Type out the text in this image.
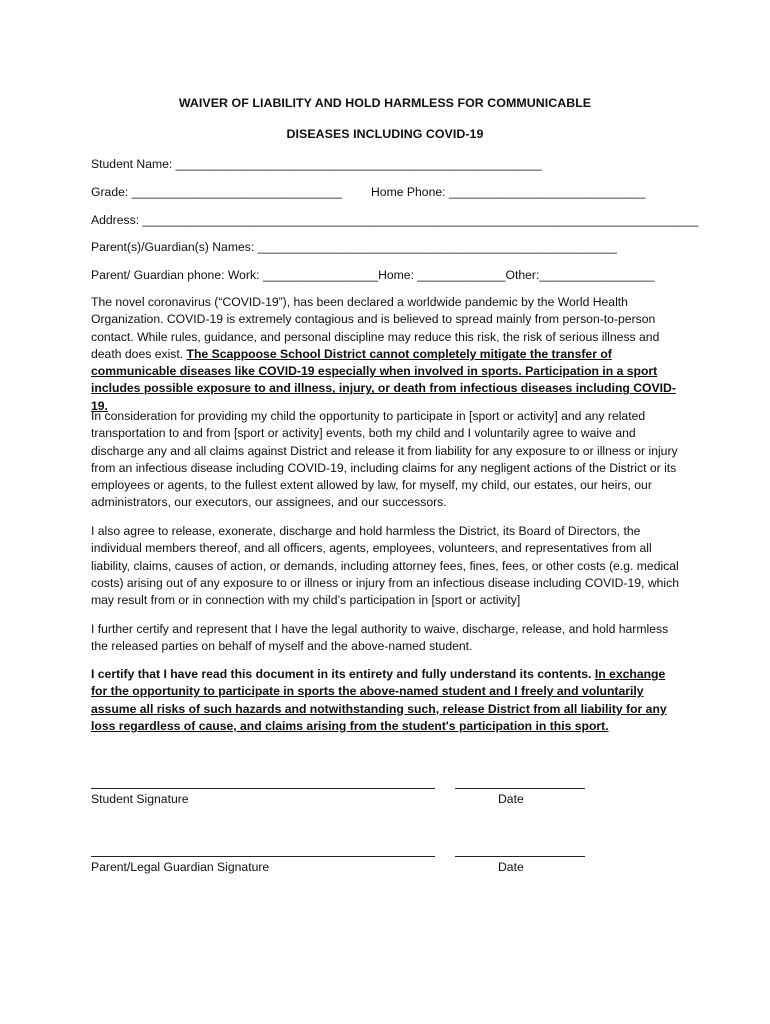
WAIVER OF LIABILITY AND HOLD HARMLESS FOR COMMUNICABLE
DISEASES INCLUDING COVID-19
Student Name: ______________________________________________________
Grade: _______________________________ Home Phone: _____________________________
Address: __________________________________________________________________________________
Parent(s)/Guardian(s) Names: _____________________________________________________
Parent/ Guardian phone: Work: _________________Home: _____________Other:_________________
The novel coronavirus (“COVID-19”), has been declared a worldwide pandemic by the World Health Organization. COVID-19 is extremely contagious and is believed to spread mainly from person-to-person contact. While rules, guidance, and personal discipline may reduce this risk, the risk of serious illness and death does exist. The Scappoose School District cannot completely mitigate the transfer of communicable diseases like COVID-19 especially when involved in sports. Participation in a sport includes possible exposure to and illness, injury, or death from infectious diseases including COVID-19.
In consideration for providing my child the opportunity to participate in [sport or activity] and any related transportation to and from [sport or activity] events, both my child and I voluntarily agree to waive and discharge any and all claims against District and release it from liability for any exposure to or illness or injury from an infectious disease including COVID-19, including claims for any negligent actions of the District or its employees or agents, to the fullest extent allowed by law, for myself, my child, our estates, our heirs, our administrators, our executors, our assignees, and our successors.
I also agree to release, exonerate, discharge and hold harmless the District, its Board of Directors, the individual members thereof, and all officers, agents, employees, volunteers, and representatives from all liability, claims, causes of action, or demands, including attorney fees, fines, fees, or other costs (e.g. medical costs) arising out of any exposure to or illness or injury from an infectious disease including COVID-19, which may result from or in connection with my child’s participation in [sport or activity]
I further certify and represent that I have the legal authority to waive, discharge, release, and hold harmless the released parties on behalf of myself and the above-named student.
I certify that I have read this document in its entirety and fully understand its contents. In exchange for the opportunity to participate in sports the above-named student and I freely and voluntarily assume all risks of such hazards and notwithstanding such, release District from all liability for any loss regardless of cause, and claims arising from the student's participation in this sport.
Student Signature	Date
Parent/Legal Guardian Signature	Date
